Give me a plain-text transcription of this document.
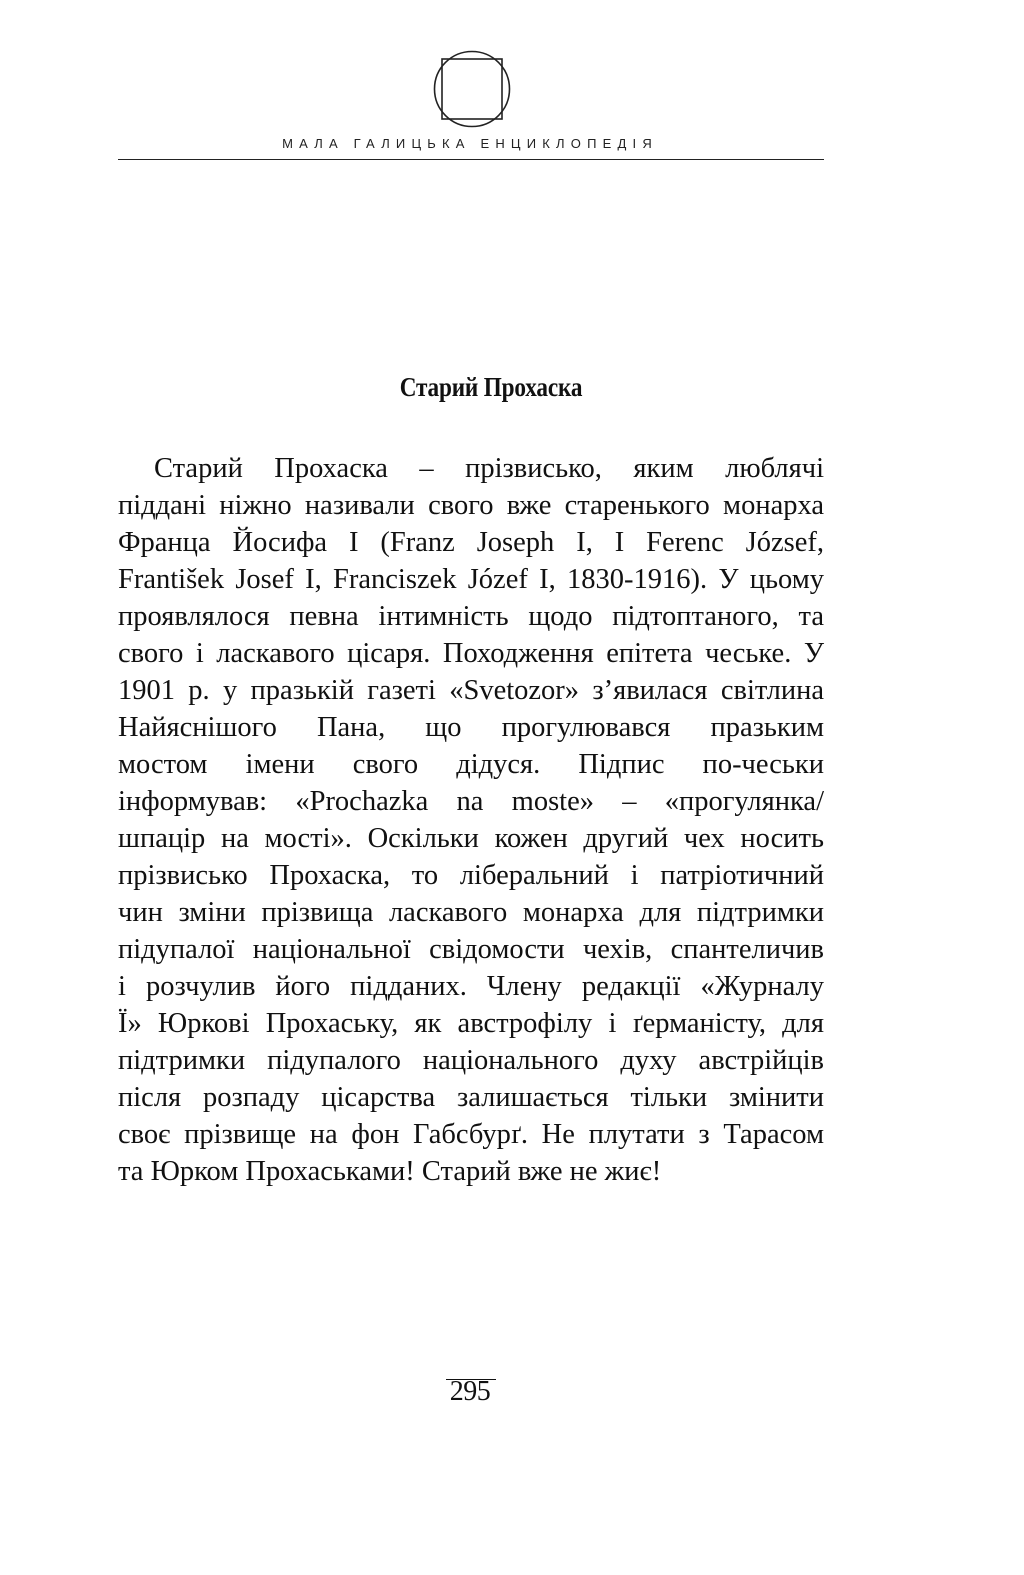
МАЛА ГАЛИЦЬКА ЕНЦИКЛОПЕДІЯ
Старий Прохаска
Старий Прохаска – прізвисько, яким люблячі
піддані ніжно називали свого вже старенького монарха
Франца Йосифа I (Franz Joseph I, I Ferenc József,
František Josef I, Franciszek Józef I, 1830-1916). У цьому
проявлялося певна інтимність щодо підтоптаного, та
свого і ласкавого цісаря. Походження епітета чеське. У
1901 р. у празькій газеті «Svetozor» з’явилася світлина
Найяснішого Пана, що прогулювався празьким
мостом імени свого дідуся. Підпис по-чеськи
інформував: «Prochazka na moste» – «прогулянка/
шпацір на мості». Оскільки кожен другий чех носить
прізвисько Прохаска, то ліберальний і патріотичний
чин зміни прізвища ласкавого монарха для підтримки
підупалої національної свідомости чехів, спантеличив
і розчулив його підданих. Члену редакції «Журналу
Ї» Юркові Прохаську, як австрофілу і ґерманісту, для
підтримки підупалого національного духу австрійців
після розпаду цісарства залишається тільки змінити
своє прізвище на фон Габсбурґ. Не плутати з Тарасом
та Юрком Прохаськами! Старий вже не жиє!
295
